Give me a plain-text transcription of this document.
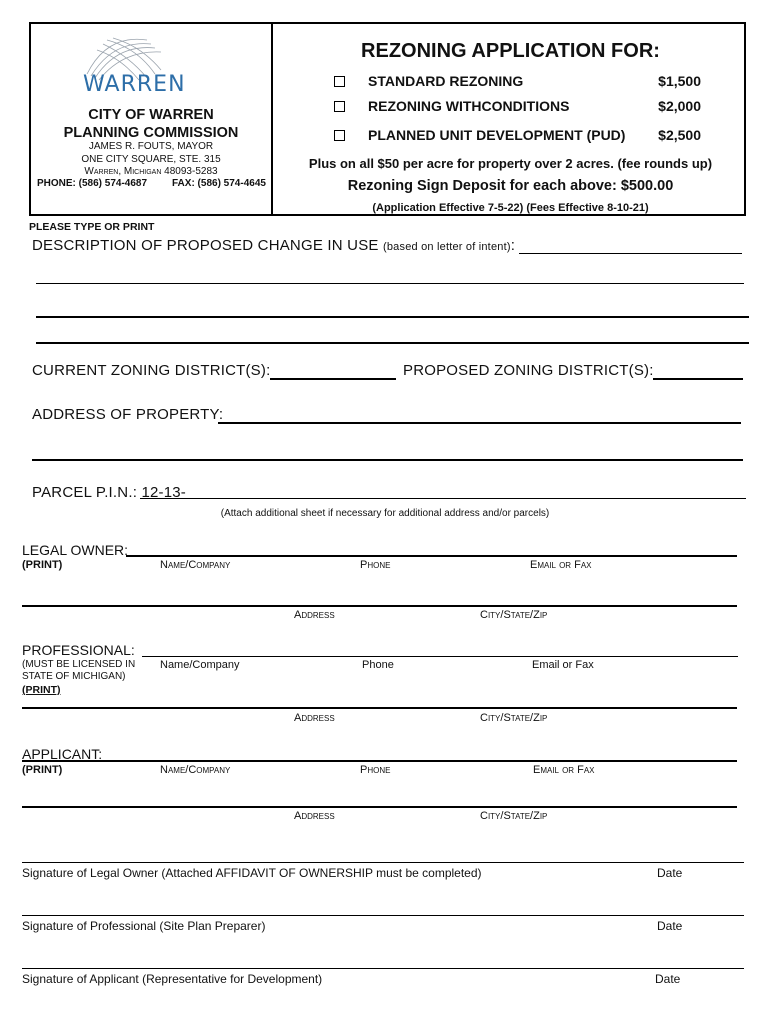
WARREN
CITY OF WARREN
PLANNING COMMISSION
JAMES R. FOUTS, MAYOR
ONE CITY SQUARE, STE. 315
Warren, Michigan 48093-5283
PHONE: (586) 574-4687 FAX: (586) 574-4645
REZONING APPLICATION FOR:
STANDARD REZONING	$1,500
REZONING WITHCONDITIONS	$2,000
PLANNED UNIT DEVELOPMENT (PUD)	$2,500
Plus on all $50 per acre for property over 2 acres. (fee rounds up)
Rezoning Sign Deposit for each above: $500.00
(Application Effective 7-5-22) (Fees Effective 8-10-21)
PLEASE TYPE OR PRINT
DESCRIPTION OF PROPOSED CHANGE IN USE (based on letter of intent):
CURRENT ZONING DISTRICT(S):	PROPOSED ZONING DISTRICT(S):
ADDRESS OF PROPERTY:
PARCEL P.I.N.: 12-13-
(Attach additional sheet if necessary for additional address and/or parcels)
LEGAL OWNER:
(PRINT)	Name/Company	Phone	Email or Fax
Address	City/State/Zip
PROFESSIONAL:
(MUST BE LICENSED IN
STATE OF MICHIGAN)
(PRINT)
Name/Company	Phone	Email or Fax
Address	City/State/Zip
APPLICANT:
(PRINT)	Name/Company	Phone	Email or Fax
Address	City/State/Zip
Signature of Legal Owner (Attached AFFIDAVIT OF OWNERSHIP must be completed)	Date
Signature of Professional (Site Plan Preparer)	Date
Signature of Applicant (Representative for Development)	Date
